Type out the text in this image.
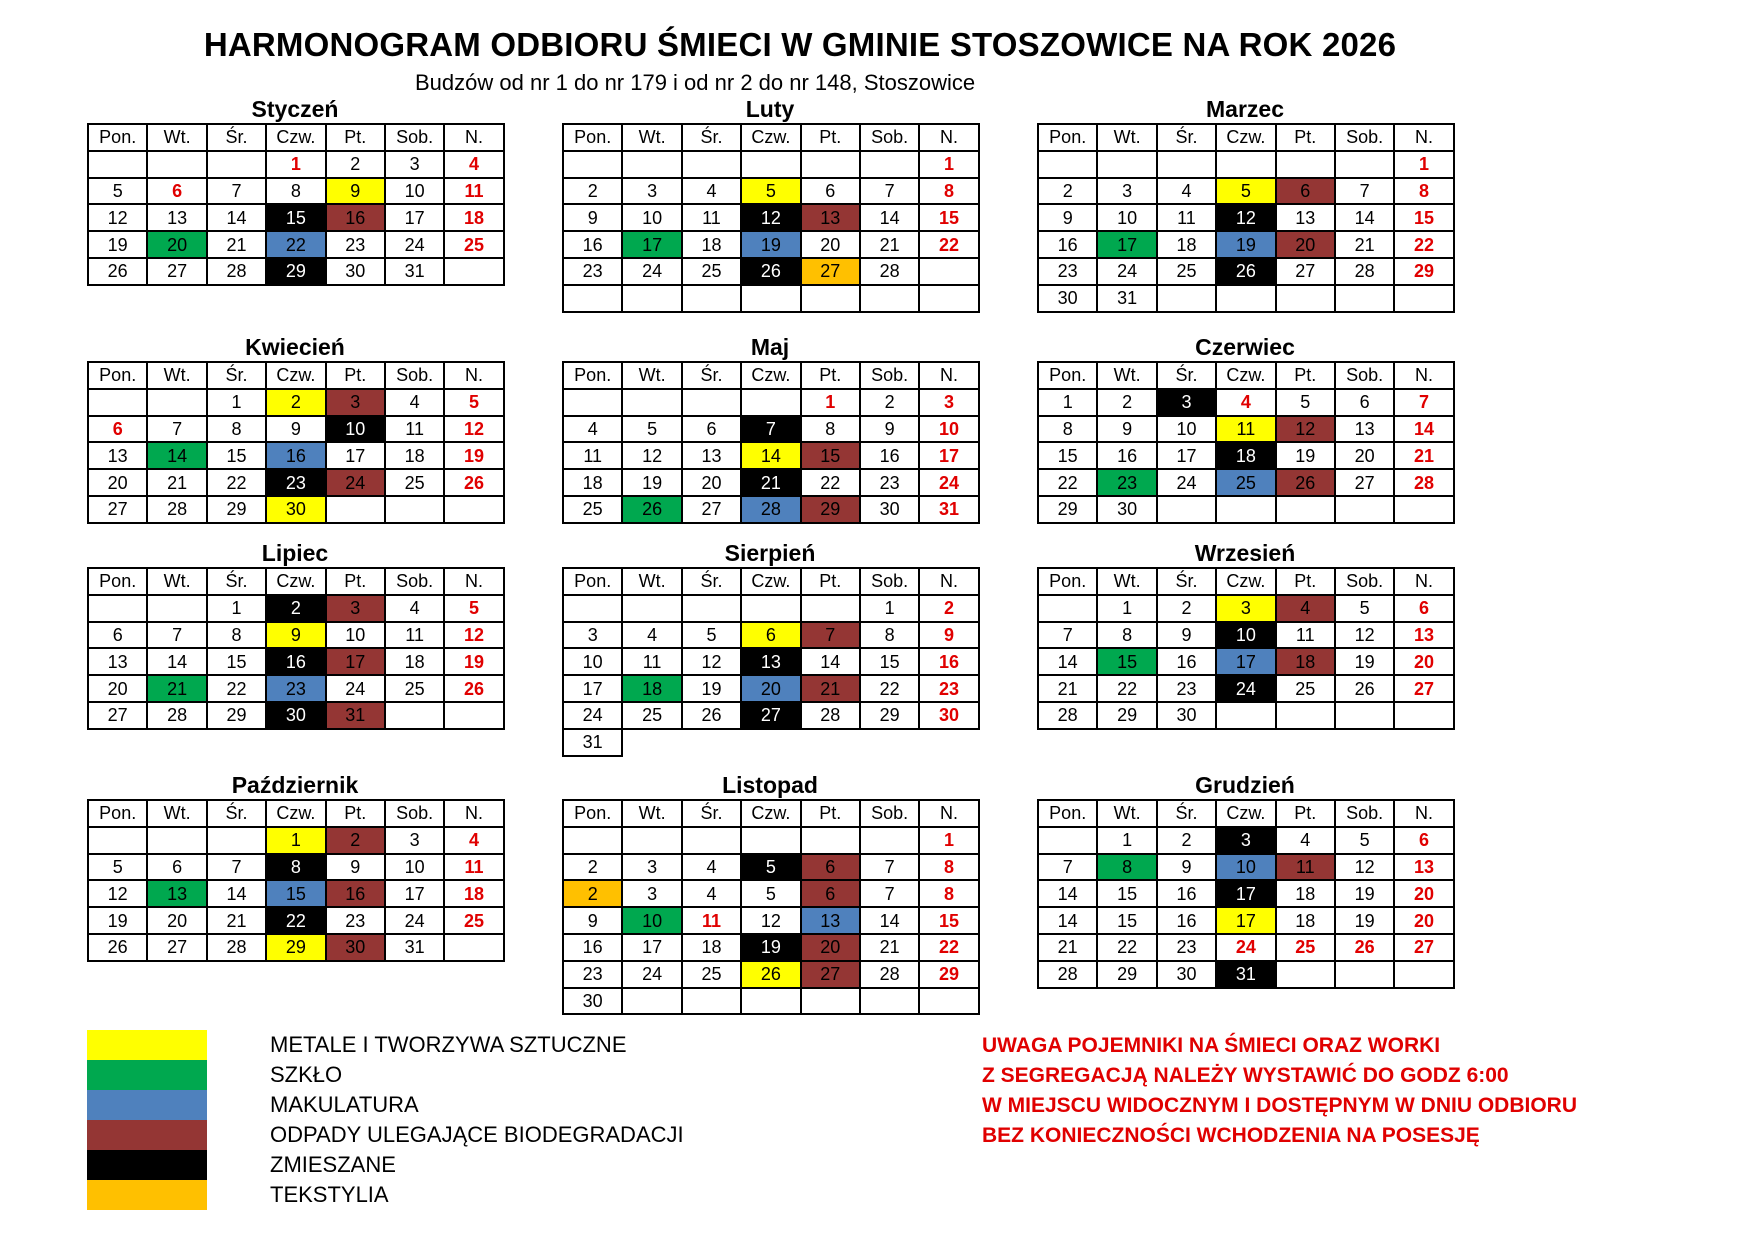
HARMONOGRAM ODBIORU ŚMIECI W GMINIE STOSZOWICE NA ROK 2026
Budzów od nr 1 do nr 179 i od nr 2 do nr 148, Stoszowice
Styczeń
Pon.	Wt.	Śr.	Czw.	Pt.	Sob.	N.
			1	2	3	4
5	6	7	8	9	10	11
12	13	14	15	16	17	18
19	20	21	22	23	24	25
26	27	28	29	30	31	
Luty
Pon.	Wt.	Śr.	Czw.	Pt.	Sob.	N.
						1
2	3	4	5	6	7	8
9	10	11	12	13	14	15
16	17	18	19	20	21	22
23	24	25	26	27	28	

Marzec
Pon.	Wt.	Śr.	Czw.	Pt.	Sob.	N.
						1
2	3	4	5	6	7	8
9	10	11	12	13	14	15
16	17	18	19	20	21	22
23	24	25	26	27	28	29
30	31					
Kwiecień
Pon.	Wt.	Śr.	Czw.	Pt.	Sob.	N.
		1	2	3	4	5
6	7	8	9	10	11	12
13	14	15	16	17	18	19
20	21	22	23	24	25	26
27	28	29	30			
Maj
Pon.	Wt.	Śr.	Czw.	Pt.	Sob.	N.
				1	2	3
4	5	6	7	8	9	10
11	12	13	14	15	16	17
18	19	20	21	22	23	24
25	26	27	28	29	30	31
Czerwiec
Pon.	Wt.	Śr.	Czw.	Pt.	Sob.	N.
1	2	3	4	5	6	7
8	9	10	11	12	13	14
15	16	17	18	19	20	21
22	23	24	25	26	27	28
29	30					
Lipiec
Pon.	Wt.	Śr.	Czw.	Pt.	Sob.	N.
		1	2	3	4	5
6	7	8	9	10	11	12
13	14	15	16	17	18	19
20	21	22	23	24	25	26
27	28	29	30	31		
Sierpień
Pon.	Wt.	Śr.	Czw.	Pt.	Sob.	N.
					1	2
3	4	5	6	7	8	9
10	11	12	13	14	15	16
17	18	19	20	21	22	23
24	25	26	27	28	29	30
31						
Wrzesień
Pon.	Wt.	Śr.	Czw.	Pt.	Sob.	N.
	1	2	3	4	5	6
7	8	9	10	11	12	13
14	15	16	17	18	19	20
21	22	23	24	25	26	27
28	29	30				
Październik
Pon.	Wt.	Śr.	Czw.	Pt.	Sob.	N.
			1	2	3	4
5	6	7	8	9	10	11
12	13	14	15	16	17	18
19	20	21	22	23	24	25
26	27	28	29	30	31	
Listopad
Pon.	Wt.	Śr.	Czw.	Pt.	Sob.	N.
						1
2	3	4	5	6	7	8
2	3	4	5	6	7	8
9	10	11	12	13	14	15
16	17	18	19	20	21	22
23	24	25	26	27	28	29
30						
Grudzień
Pon.	Wt.	Śr.	Czw.	Pt.	Sob.	N.
	1	2	3	4	5	6
7	8	9	10	11	12	13
14	15	16	17	18	19	20
14	15	16	17	18	19	20
21	22	23	24	25	26	27
28	29	30	31			
METALE I TWORZYWA SZTUCZNE
SZKŁO
MAKULATURA
ODPADY ULEGAJĄCE BIODEGRADACJI
ZMIESZANE
TEKSTYLIA
UWAGA POJEMNIKI NA ŚMIECI ORAZ WORKI
Z SEGREGACJĄ NALEŻY WYSTAWIĆ DO GODZ 6:00
W MIEJSCU WIDOCZNYM I DOSTĘPNYM W DNIU ODBIORU
BEZ KONIECZNOŚCI WCHODZENIA NA POSESJĘ
